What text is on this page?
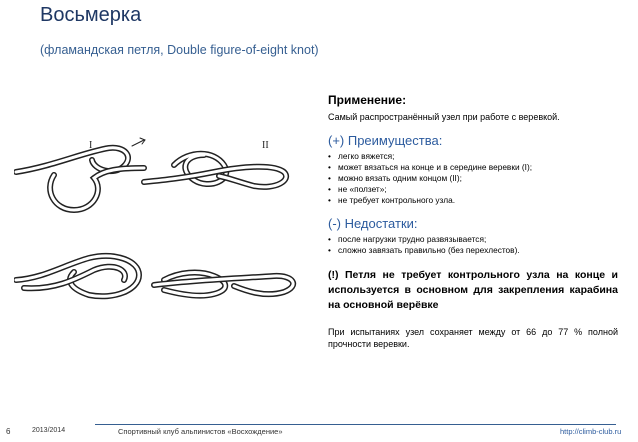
Восьмерка
(фламандская петля, Double figure-of-eight knot)
I	II

Применение:

Самый распространённый узел при работе с веревкой.

(+) Преимущества:

• легко вяжется;
• может вязаться на конце и в середине веревки (I);
• можно вязать одним концом (II);
• не «ползет»;
• не требует контрольного узла.

(-) Недостатки:

• после нагрузки трудно развязывается;
• сложно завязать правильно (без перехлестов).

(!) Петля не требует контрольного узла на конце и используется в основном для закрепления карабина на основной верёвке

При испытаниях узел сохраняет между от 66 до 77 % полной прочности веревки.

6	2013/2014	Спортивный клуб альпинистов «Восхождение»	http://climb-club.ru
